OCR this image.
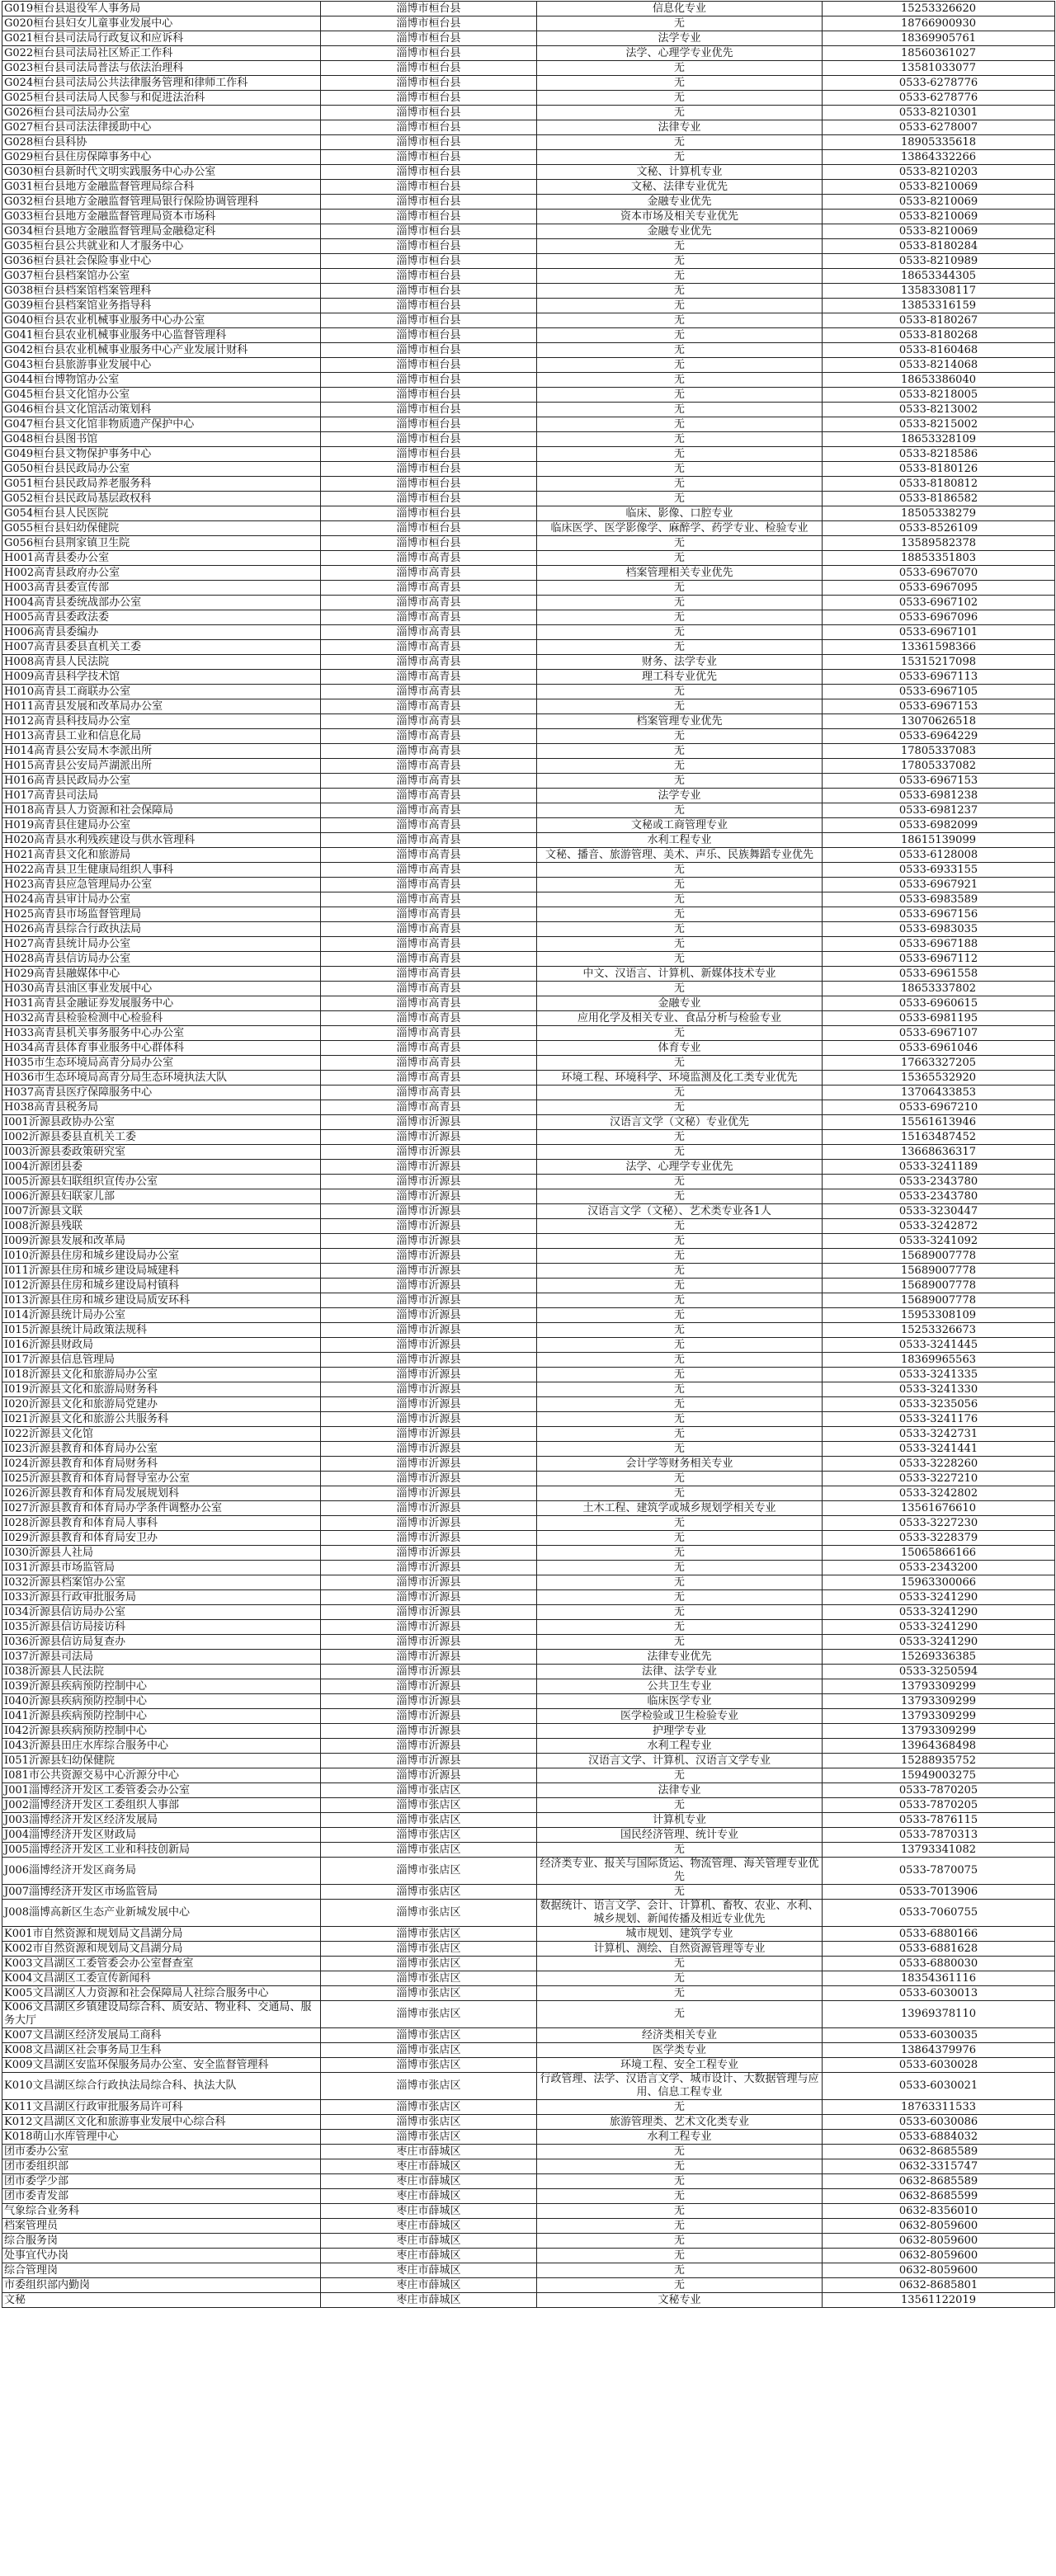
G019桓台县退役军人事务局	淄博市桓台县	信息化专业	15253326620
G020桓台县妇女儿童事业发展中心	淄博市桓台县	无	18766900930
G021桓台县司法局行政复议和应诉科	淄博市桓台县	法学专业	18369905761
G022桓台县司法局社区矫正工作科	淄博市桓台县	法学、心理学专业优先	18560361027
G023桓台县司法局普法与依法治理科	淄博市桓台县	无	13581033077
G024桓台县司法局公共法律服务管理和律师工作科	淄博市桓台县	无	0533-6278776
G025桓台县司法局人民参与和促进法治科	淄博市桓台县	无	0533-6278776
G026桓台县司法局办公室	淄博市桓台县	无	0533-8210301
G027桓台县司法法律援助中心	淄博市桓台县	法律专业	0533-6278007
G028桓台县科协	淄博市桓台县	无	18905335618
G029桓台县住房保障事务中心	淄博市桓台县	无	13864332266
G030桓台县新时代文明实践服务中心办公室	淄博市桓台县	文秘、计算机专业	0533-8210203
G031桓台县地方金融监督管理局综合科	淄博市桓台县	文秘、法律专业优先	0533-8210069
G032桓台县地方金融监督管理局银行保险协调管理科	淄博市桓台县	金融专业优先	0533-8210069
G033桓台县地方金融监督管理局资本市场科	淄博市桓台县	资本市场及相关专业优先	0533-8210069
G034桓台县地方金融监督管理局金融稳定科	淄博市桓台县	金融专业优先	0533-8210069
G035桓台县公共就业和人才服务中心	淄博市桓台县	无	0533-8180284
G036桓台县社会保险事业中心	淄博市桓台县	无	0533-8210989
G037桓台县档案馆办公室	淄博市桓台县	无	18653344305
G038桓台县档案馆档案管理科	淄博市桓台县	无	13583308117
G039桓台县档案馆业务指导科	淄博市桓台县	无	13853316159
G040桓台县农业机械事业服务中心办公室	淄博市桓台县	无	0533-8180267
G041桓台县农业机械事业服务中心监督管理科	淄博市桓台县	无	0533-8180268
G042桓台县农业机械事业服务中心产业发展计财科	淄博市桓台县	无	0533-8160468
G043桓台县旅游事业发展中心	淄博市桓台县	无	0533-8214068
G044桓台博物馆办公室	淄博市桓台县	无	18653386040
G045桓台县文化馆办公室	淄博市桓台县	无	0533-8218005
G046桓台县文化馆活动策划科	淄博市桓台县	无	0533-8213002
G047桓台县文化馆非物质遗产保护中心	淄博市桓台县	无	0533-8215002
G048桓台县图书馆	淄博市桓台县	无	18653328109
G049桓台县文物保护事务中心	淄博市桓台县	无	0533-8218586
G050桓台县民政局办公室	淄博市桓台县	无	0533-8180126
G051桓台县民政局养老服务科	淄博市桓台县	无	0533-8180812
G052桓台县民政局基层政权科	淄博市桓台县	无	0533-8186582
G054桓台县人民医院	淄博市桓台县	临床、影像、口腔专业	18505338279
G055桓台县妇幼保健院	淄博市桓台县	临床医学、医学影像学、麻醉学、药学专业、检验专业	0533-8526109
G056桓台县荆家镇卫生院	淄博市桓台县	无	13589582378
H001高青县委办公室	淄博市高青县	无	18853351803
H002高青县政府办公室	淄博市高青县	档案管理相关专业优先	0533-6967070
H003高青县委宣传部	淄博市高青县	无	0533-6967095
H004高青县委统战部办公室	淄博市高青县	无	0533-6967102
H005高青县委政法委	淄博市高青县	无	0533-6967096
H006高青县委编办	淄博市高青县	无	0533-6967101
H007高青县委县直机关工委	淄博市高青县	无	13361598366
H008高青县人民法院	淄博市高青县	财务、法学专业	15315217098
H009高青县科学技术馆	淄博市高青县	理工科专业优先	0533-6967113
H010高青县工商联办公室	淄博市高青县	无	0533-6967105
H011高青县发展和改革局办公室	淄博市高青县	无	0533-6967153
H012高青县科技局办公室	淄博市高青县	档案管理专业优先	13070626518
H013高青县工业和信息化局	淄博市高青县	无	0533-6964229
H014高青县公安局木李派出所	淄博市高青县	无	17805337083
H015高青县公安局芦湖派出所	淄博市高青县	无	17805337082
H016高青县民政局办公室	淄博市高青县	无	0533-6967153
H017高青县司法局	淄博市高青县	法学专业	0533-6981238
H018高青县人力资源和社会保障局	淄博市高青县	无	0533-6981237
H019高青县住建局办公室	淄博市高青县	文秘或工商管理专业	0533-6982099
H020高青县水利残疾建设与供水管理科	淄博市高青县	水利工程专业	18615139099
H021高青县文化和旅游局	淄博市高青县	文秘、播音、旅游管理、美术、声乐、民族舞蹈专业优先	0533-6128008
H022高青县卫生健康局组织人事科	淄博市高青县	无	0533-6933155
H023高青县应急管理局办公室	淄博市高青县	无	0533-6967921
H024高青县审计局办公室	淄博市高青县	无	0533-6983589
H025高青县市场监督管理局	淄博市高青县	无	0533-6967156
H026高青县综合行政执法局	淄博市高青县	无	0533-6983035
H027高青县统计局办公室	淄博市高青县	无	0533-6967188
H028高青县信访局办公室	淄博市高青县	无	0533-6967112
H029高青县融媒体中心	淄博市高青县	中文、汉语言、计算机、新媒体技术专业	0533-6961558
H030高青县油区事业发展中心	淄博市高青县	无	18653337802
H031高青县金融证券发展服务中心	淄博市高青县	金融专业	0533-6960615
H032高青县检验检测中心检验科	淄博市高青县	应用化学及相关专业、食品分析与检验专业	0533-6981195
H033高青县机关事务服务中心办公室	淄博市高青县	无	0533-6967107
H034高青县体育事业服务中心群体科	淄博市高青县	体育专业	0533-6961046
H035市生态环境局高青分局办公室	淄博市高青县	无	17663327205
H036市生态环境局高青分局生态环境执法大队	淄博市高青县	环境工程、环境科学、环境监测及化工类专业优先	15365532920
H037高青县医疗保障服务中心	淄博市高青县	无	13706433853
H038高青县税务局	淄博市高青县	无	0533-6967210
I001沂源县政协办公室	淄博市沂源县	汉语言文学（文秘）专业优先	15561613946
I002沂源县委县直机关工委	淄博市沂源县	无	15163487452
I003沂源县委政策研究室	淄博市沂源县	无	13668636317
I004沂源团县委	淄博市沂源县	法学、心理学专业优先	0533-3241189
I005沂源县妇联组织宣传办公室	淄博市沂源县	无	0533-2343780
I006沂源县妇联家儿部	淄博市沂源县	无	0533-2343780
I007沂源县文联	淄博市沂源县	汉语言文学（文秘）、艺术类专业各1人	0533-3230447
I008沂源县残联	淄博市沂源县	无	0533-3242872
I009沂源县发展和改革局	淄博市沂源县	无	0533-3241092
I010沂源县住房和城乡建设局办公室	淄博市沂源县	无	15689007778
I011沂源县住房和城乡建设局城建科	淄博市沂源县	无	15689007778
I012沂源县住房和城乡建设局村镇科	淄博市沂源县	无	15689007778
I013沂源县住房和城乡建设局质安环科	淄博市沂源县	无	15689007778
I014沂源县统计局办公室	淄博市沂源县	无	15953308109
I015沂源县统计局政策法规科	淄博市沂源县	无	15253326673
I016沂源县财政局	淄博市沂源县	无	0533-3241445
I017沂源县信息管理局	淄博市沂源县	无	18369965563
I018沂源县文化和旅游局办公室	淄博市沂源县	无	0533-3241335
I019沂源县文化和旅游局财务科	淄博市沂源县	无	0533-3241330
I020沂源县文化和旅游局党建办	淄博市沂源县	无	0533-3235056
I021沂源县文化和旅游公共服务科	淄博市沂源县	无	0533-3241176
I022沂源县文化馆	淄博市沂源县	无	0533-3242731
I023沂源县教育和体育局办公室	淄博市沂源县	无	0533-3241441
I024沂源县教育和体育局财务科	淄博市沂源县	会计学等财务相关专业	0533-3228260
I025沂源县教育和体育局督导室办公室	淄博市沂源县	无	0533-3227210
I026沂源县教育和体育局发展规划科	淄博市沂源县	无	0533-3242802
I027沂源县教育和体育局办学条件调整办公室	淄博市沂源县	土木工程、建筑学或城乡规划学相关专业	13561676610
I028沂源县教育和体育局人事科	淄博市沂源县	无	0533-3227230
I029沂源县教育和体育局安卫办	淄博市沂源县	无	0533-3228379
I030沂源县人社局	淄博市沂源县	无	15065866166
I031沂源县市场监管局	淄博市沂源县	无	0533-2343200
I032沂源县档案馆办公室	淄博市沂源县	无	15963300066
I033沂源县行政审批服务局	淄博市沂源县	无	0533-3241290
I034沂源县信访局办公室	淄博市沂源县	无	0533-3241290
I035沂源县信访局接访科	淄博市沂源县	无	0533-3241290
I036沂源县信访局复查办	淄博市沂源县	无	0533-3241290
I037沂源县司法局	淄博市沂源县	法律专业优先	15269336385
I038沂源县人民法院	淄博市沂源县	法律、法学专业	0533-3250594
I039沂源县疾病预防控制中心	淄博市沂源县	公共卫生专业	13793309299
I040沂源县疾病预防控制中心	淄博市沂源县	临床医学专业	13793309299
I041沂源县疾病预防控制中心	淄博市沂源县	医学检验或卫生检验专业	13793309299
I042沂源县疾病预防控制中心	淄博市沂源县	护理学专业	13793309299
I043沂源县田庄水库综合服务中心	淄博市沂源县	水利工程专业	13964368498
I051沂源县妇幼保健院	淄博市沂源县	汉语言文学、计算机、汉语言文学专业	15288935752
I081市公共资源交易中心沂源分中心	淄博市沂源县	无	15949003275
J001淄博经济开发区工委管委会办公室	淄博市张店区	法律专业	0533-7870205
J002淄博经济开发区工委组织人事部	淄博市张店区	无	0533-7870205
J003淄博经济开发区经济发展局	淄博市张店区	计算机专业	0533-7876115
J004淄博经济开发区财政局	淄博市张店区	国民经济管理、统计专业	0533-7870313
J005淄博经济开发区工业和科技创新局	淄博市张店区	无	13793341082
J006淄博经济开发区商务局	淄博市张店区	经济类专业、报关与国际货运、物流管理、海关管理专业优先	0533-7870075
J007淄博经济开发区市场监管局	淄博市张店区	无	0533-7013906
J008淄博高新区生态产业新城发展中心	淄博市张店区	数据统计、语言文学、会计、计算机、畜牧、农业、水利、城乡规划、新闻传播及相近专业优先	0533-7060755
K001市自然资源和规划局文昌湖分局	淄博市张店区	城市规划、建筑学专业	0533-6880166
K002市自然资源和规划局文昌湖分局	淄博市张店区	计算机、测绘、自然资源管理等专业	0533-6881628
K003文昌湖区工委管委会办公室督查室	淄博市张店区	无	0533-6880030
K004文昌湖区工委宣传新闻科	淄博市张店区	无	18354361116
K005文昌湖区人力资源和社会保障局人社综合服务中心	淄博市张店区	无	0533-6030013
K006文昌湖区乡镇建设局综合科、质安站、物业科、交通局、服务大厅	淄博市张店区	无	13969378110
K007文昌湖区经济发展局工商科	淄博市张店区	经济类相关专业	0533-6030035
K008文昌湖区社会事务局卫生科	淄博市张店区	医学类专业	13864379976
K009文昌湖区安监环保服务局办公室、安全监督管理科	淄博市张店区	环境工程、安全工程专业	0533-6030028
K010文昌湖区综合行政执法局综合科、执法大队	淄博市张店区	行政管理、法学、汉语言文学、城市设计、大数据管理与应用、信息工程专业	0533-6030021
K011文昌湖区行政审批服务局许可科	淄博市张店区	无	18763311533
K012文昌湖区文化和旅游事业发展中心综合科	淄博市张店区	旅游管理类、艺术文化类专业	0533-6030086
K018萌山水库管理中心	淄博市张店区	水利工程专业	0533-6884032
团市委办公室	枣庄市薛城区	无	0632-8685589
团市委组织部	枣庄市薛城区	无	0632-3315747
团市委学少部	枣庄市薛城区	无	0632-8685589
团市委青发部	枣庄市薛城区	无	0632-8685599
气象综合业务科	枣庄市薛城区	无	0632-8356010
档案管理员	枣庄市薛城区	无	0632-8059600
综合服务岗	枣庄市薛城区	无	0632-8059600
处事宜代办岗	枣庄市薛城区	无	0632-8059600
综合管理岗	枣庄市薛城区	无	0632-8059600
市委组织部内勤岗	枣庄市薛城区	无	0632-8685801
文秘	枣庄市薛城区	文秘专业	13561122019
